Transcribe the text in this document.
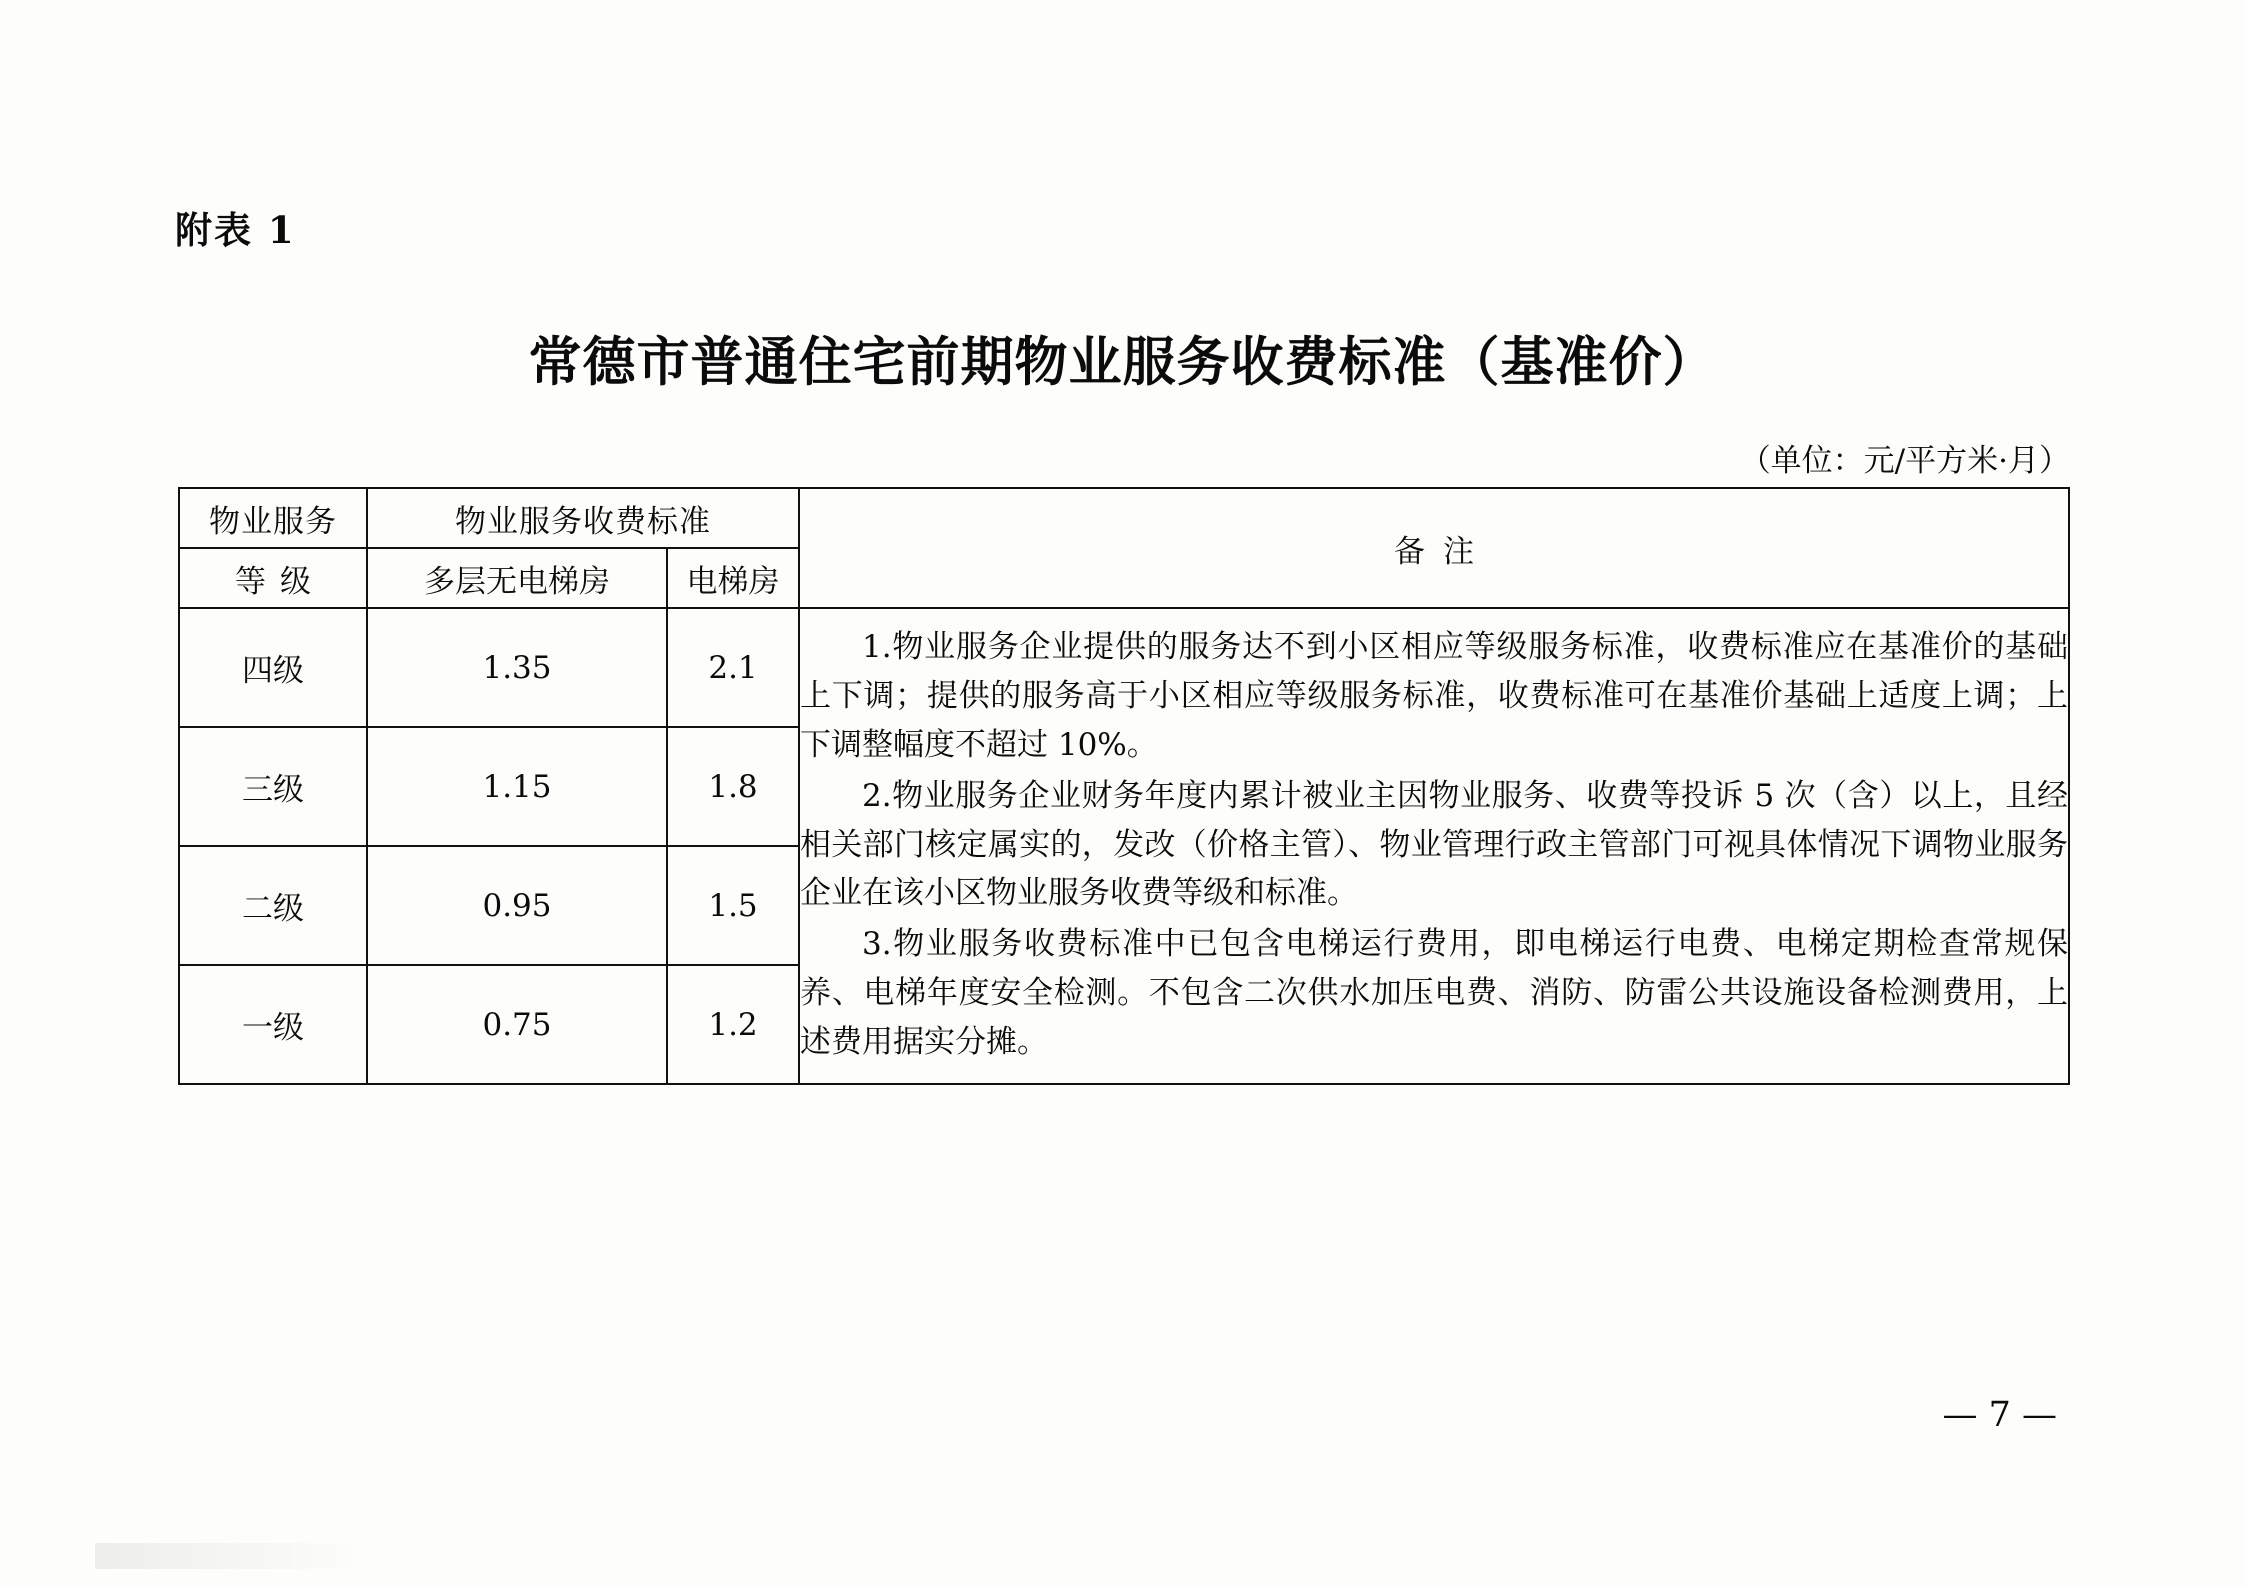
附表 1
常德市普通住宅前期物业服务收费标准（基准价）
（单位：元/平方米·月）
物业服务	物业服务收费标准		备注
等级	多层无电梯房	电梯房	
四级	1.35	2.1	1.物业服务企业提供的服务达不到小区相应等级服务标准，收费标准应在基准价的基础上下调；提供的服务高于小区相应等级服务标准，收费标准可在基准价基础上适度上调；上下调整幅度不超过 10%。

2.物业服务企业财务年度内累计被业主因物业服务、收费等投诉 5 次（含）以上，且经相关部门核定属实的，发改（价格主管）、物业管理行政主管部门可视具体情况下调物业服务企业在该小区物业服务收费等级和标准。

3.物业服务收费标准中已包含电梯运行费用，即电梯运行电费、电梯定期检查常规保养、电梯年度安全检测。不包含二次供水加压电费、消防、防雷公共设施设备检测费用，上述费用据实分摊。

三级	1.15	1.8	
二级	0.95	1.5	
一级	0.75	1.2	
— 7 —
